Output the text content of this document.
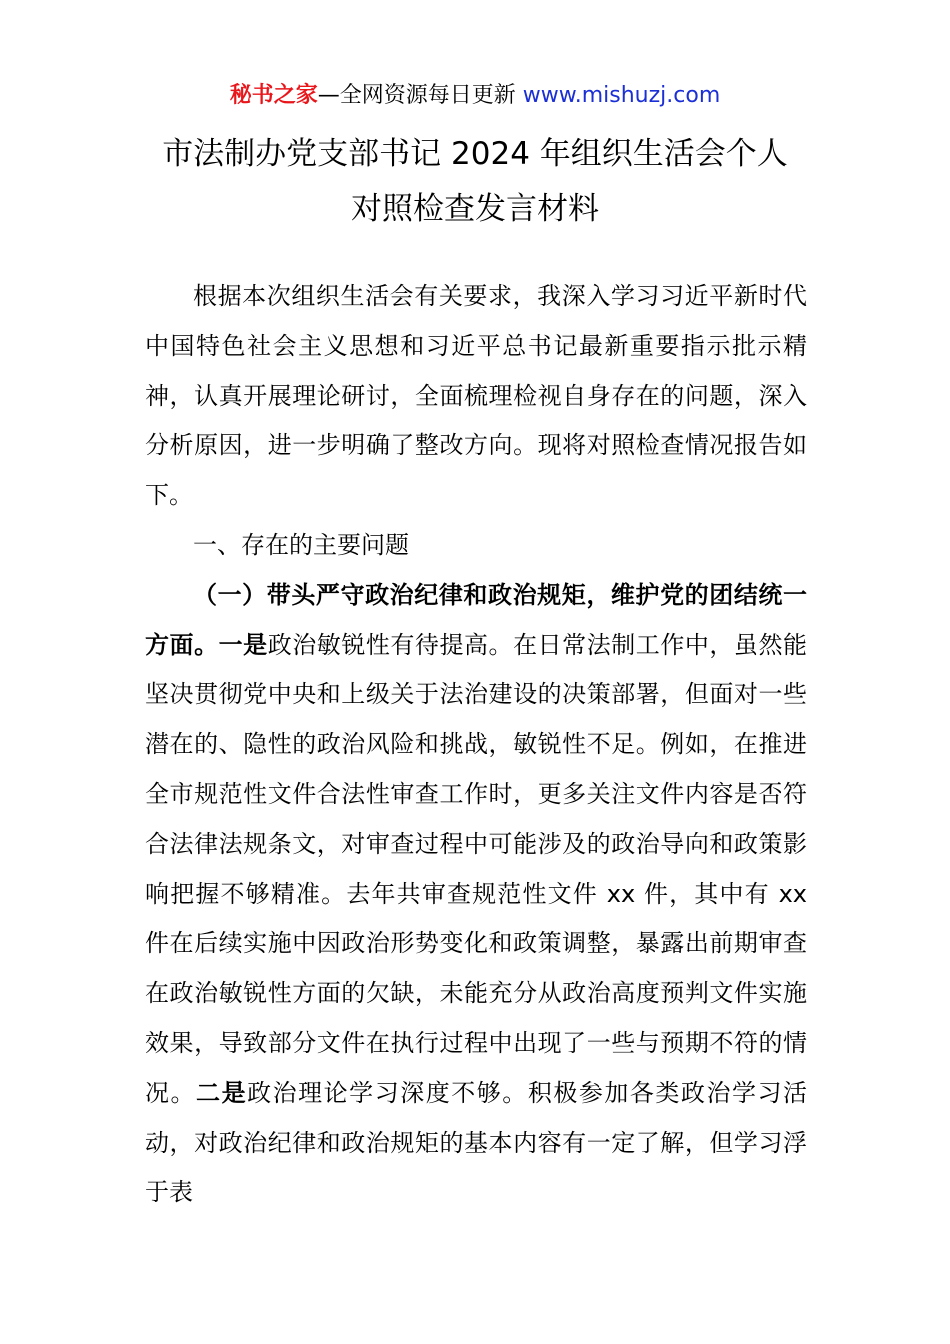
秘书之家—全网资源每日更新 www.mishuzj.com
市法制办党支部书记 2024 年组织生活会个人
对照检查发言材料

根据本次组织生活会有关要求，我深入学习习近平新时代中国特色社会主义思想和习近平总书记最新重要指示批示精神，认真开展理论研讨，全面梳理检视自身存在的问题，深入分析原因，进一步明确了整改方向。现将对照检查情况报告如下。

一、存在的主要问题

（一）带头严守政治纪律和政治规矩，维护党的团结统一方面。一是政治敏锐性有待提高。在日常法制工作中，虽然能坚决贯彻党中央和上级关于法治建设的决策部署，但面对一些潜在的、隐性的政治风险和挑战，敏锐性不足。例如，在推进全市规范性文件合法性审查工作时，更多关注文件内容是否符合法律法规条文，对审查过程中可能涉及的政治导向和政策影响把握不够精准。去年共审查规范性文件 xx 件，其中有 xx 件在后续实施中因政治形势变化和政策调整，暴露出前期审查在政治敏锐性方面的欠缺，未能充分从政治高度预判文件实施效果，导致部分文件在执行过程中出现了一些与预期不符的情况。二是政治理论学习深度不够。积极参加各类政治学习活动，对政治纪律和政治规矩的基本内容有一定了解，但学习浮于表
